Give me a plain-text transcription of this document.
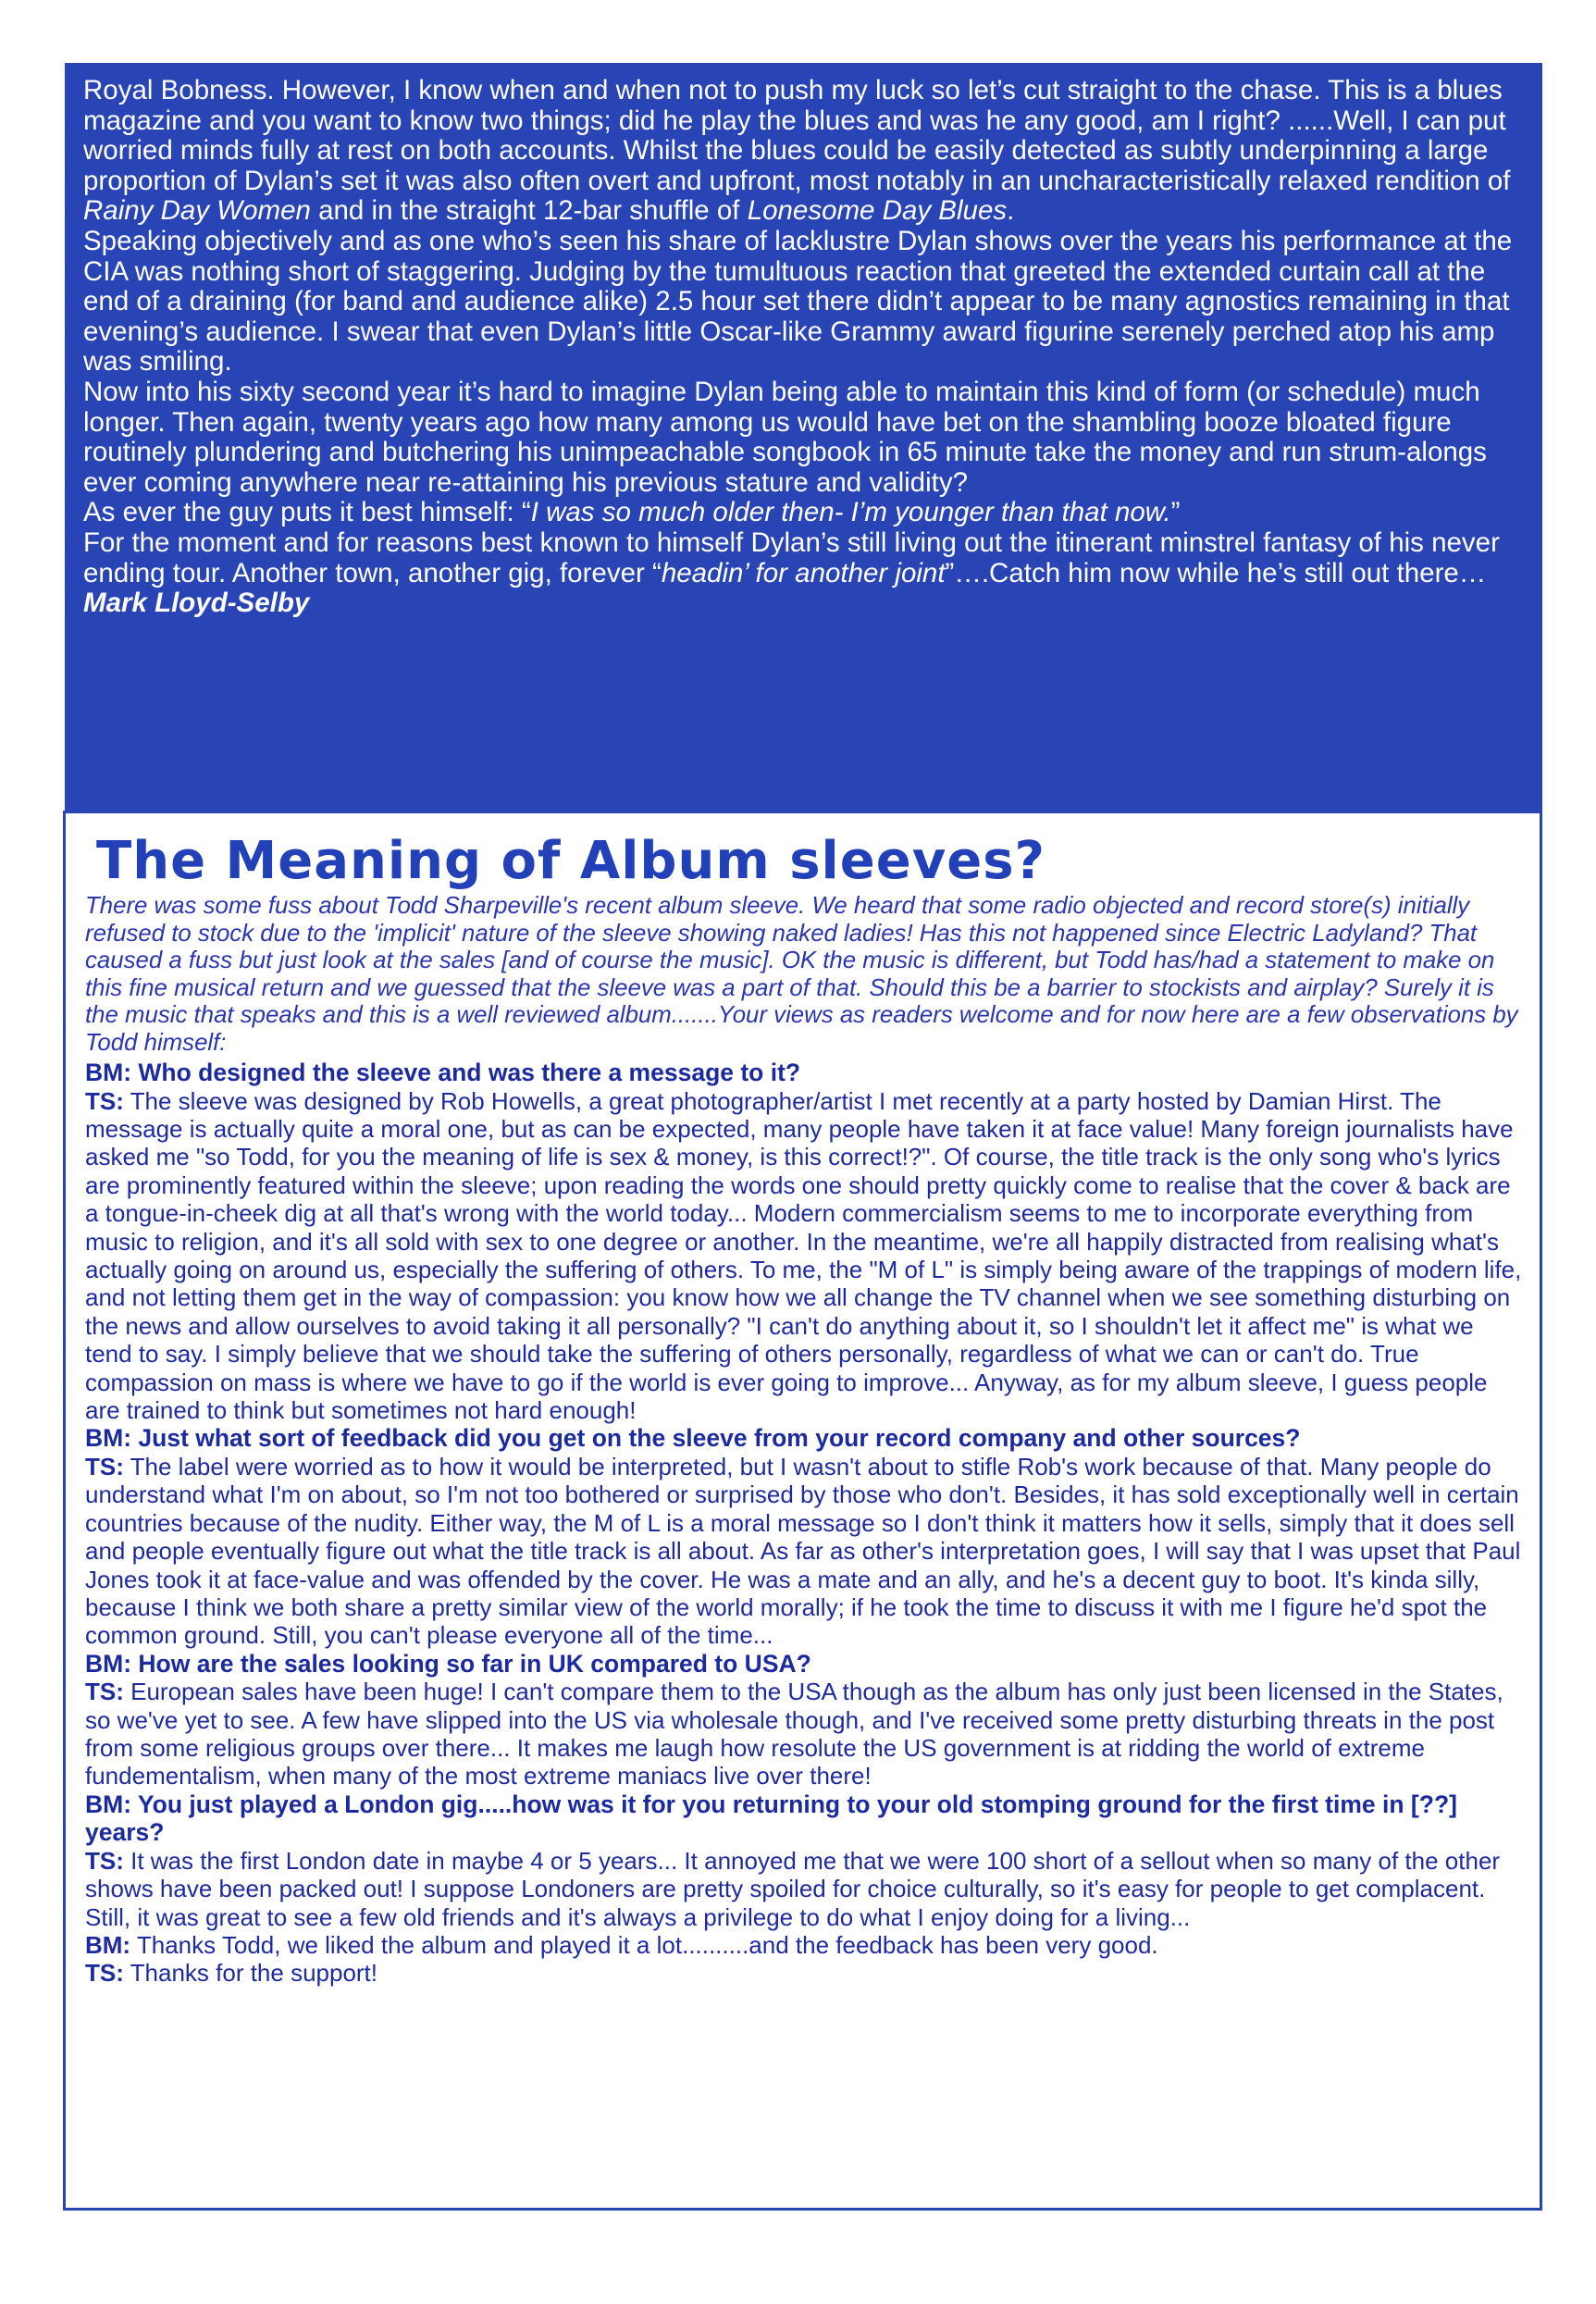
Royal Bobness. However, I know when and when not to push my luck so let’s cut straight to the chase. This is a blues magazine and you want to know two things; did he play the blues and was he any good, am I right? ......Well, I can put worried minds fully at rest on both accounts. Whilst the blues could be easily detected as subtly underpinning a large proportion of Dylan’s set it was also often overt and upfront, most notably in an uncharacteristically relaxed rendition of Rainy Day Women and in the straight 12-bar shuffle of Lonesome Day Blues.

Speaking objectively and as one who’s seen his share of lacklustre Dylan shows over the years his performance at the CIA was nothing short of staggering. Judging by the tumultuous reaction that greeted the extended curtain call at the end of a draining (for band and audience alike) 2.5 hour set there didn’t appear to be many agnostics remaining in that evening’s audience. I swear that even Dylan’s little Oscar-like Grammy award figurine serenely perched atop his amp was smiling.

Now into his sixty second year it’s hard to imagine Dylan being able to maintain this kind of form (or schedule) much longer. Then again, twenty years ago how many among us would have bet on the shambling booze bloated figure routinely plundering and butchering his unimpeachable songbook in 65 minute take the money and run strum-alongs ever coming anywhere near re-attaining his previous stature and validity?

As ever the guy puts it best himself: “I was so much older then- I’m younger than that now.”

For the moment and for reasons best known to himself Dylan’s still living out the itinerant minstrel fantasy of his never ending tour. Another town, another gig, forever “headin’ for another joint”….Catch him now while he’s still out there…Mark Lloyd-Selby

The Meaning of Album sleeves?

There was some fuss about Todd Sharpeville's recent album sleeve. We heard that some radio objected and record store(s) initially refused to stock due to the 'implicit' nature of the sleeve showing naked ladies! Has this not happened since Electric Ladyland? That caused a fuss but just look at the sales [and of course the music]. OK the music is different, but Todd has/had a statement to make on this fine musical return and we guessed that the sleeve was a part of that. Should this be a barrier to stockists and airplay? Surely it is the music that speaks and this is a well reviewed album.......Your views as readers welcome and for now here are a few observations by Todd himself:

BM: Who designed the sleeve and was there a message to it?

TS: The sleeve was designed by Rob Howells, a great photographer/artist I met recently at a party hosted by Damian Hirst. The message is actually quite a moral one, but as can be expected, many people have taken it at face value! Many foreign journalists have asked me "so Todd, for you the meaning of life is sex & money, is this correct!?". Of course, the title track is the only song who's lyrics are prominently featured within the sleeve; upon reading the words one should pretty quickly come to realise that the cover & back are a tongue-in-cheek dig at all that's wrong with the world today... Modern commercialism seems to me to incorporate everything from music to religion, and it's all sold with sex to one degree or another. In the meantime, we're all happily distracted from realising what's actually going on around us, especially the suffering of others. To me, the "M of L" is simply being aware of the trappings of modern life, and not letting them get in the way of compassion: you know how we all change the TV channel when we see something disturbing on the news and allow ourselves to avoid taking it all personally? "I can't do anything about it, so I shouldn't let it affect me" is what we tend to say. I simply believe that we should take the suffering of others personally, regardless of what we can or can't do. True compassion on mass is where we have to go if the world is ever going to improve... Anyway, as for my album sleeve, I guess people are trained to think but sometimes not hard enough!

BM: Just what sort of feedback did you get on the sleeve from your record company and other sources?

TS: The label were worried as to how it would be interpreted, but I wasn't about to stifle Rob's work because of that. Many people do understand what I'm on about, so I'm not too bothered or surprised by those who don't. Besides, it has sold exceptionally well in certain countries because of the nudity. Either way, the M of L is a moral message so I don't think it matters how it sells, simply that it does sell and people eventually figure out what the title track is all about. As far as other's interpretation goes, I will say that I was upset that Paul Jones took it at face-value and was offended by the cover. He was a mate and an ally, and he's a decent guy to boot. It's kinda silly, because I think we both share a pretty similar view of the world morally; if he took the time to discuss it with me I figure he'd spot the common ground. Still, you can't please everyone all of the time...

BM: How are the sales looking so far in UK compared to USA?

TS: European sales have been huge! I can't compare them to the USA though as the album has only just been licensed in the States, so we've yet to see. A few have slipped into the US via wholesale though, and I've received some pretty disturbing threats in the post from some religious groups over there... It makes me laugh how resolute the US government is at ridding the world of extreme fundementalism, when many of the most extreme maniacs live over there!

BM: You just played a London gig.....how was it for you returning to your old stomping ground for the first time in [??] years?

TS: It was the first London date in maybe 4 or 5 years... It annoyed me that we were 100 short of a sellout when so many of the other shows have been packed out! I suppose Londoners are pretty spoiled for choice culturally, so it's easy for people to get complacent. Still, it was great to see a few old friends and it's always a privilege to do what I enjoy doing for a living...

BM: Thanks Todd, we liked the album and played it a lot..........and the feedback has been very good.

TS: Thanks for the support!
